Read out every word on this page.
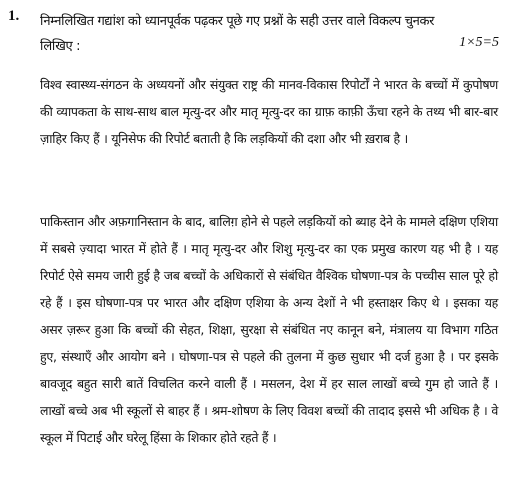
1. निम्नलिखित गद्यांश को ध्यानपूर्वक पढ़कर पूछे गए प्रश्नों के सही उत्तर वाले विकल्प चुनकर
लिखिए :	1×5=5
विश्व स्वास्थ्य-संगठन के अध्ययनों और संयुक्त राष्ट्र की मानव-विकास रिपोर्टों ने भारत के बच्चों में कुपोषण की व्यापकता के साथ-साथ बाल मृत्यु-दर और मातृ मृत्यु-दर का ग्राफ़ काफ़ी ऊँचा रहने के तथ्य भी बार-बार ज़ाहिर किए हैं । यूनिसेफ की रिपोर्ट बताती है कि लड़कियों की दशा और भी ख़राब है ।
पाकिस्तान और अफ़गानिस्तान के बाद, बालिग़ होने से पहले लड़कियों को ब्याह देने के मामले दक्षिण एशिया में सबसे ज़्यादा भारत में होते हैं । मातृ मृत्यु-दर और शिशु मृत्यु-दर का एक प्रमुख कारण यह भी है । यह रिपोर्ट ऐसे समय जारी हुई है जब बच्चों के अधिकारों से संबंधित वैश्विक घोषणा-पत्र के पच्चीस साल पूरे हो रहे हैं । इस घोषणा-पत्र पर भारत और दक्षिण एशिया के अन्य देशों ने भी हस्ताक्षर किए थे । इसका यह असर ज़रूर हुआ कि बच्चों की सेहत, शिक्षा, सुरक्षा से संबंधित नए कानून बने, मंत्रालय या विभाग गठित हुए, संस्थाएँ और आयोग बने । घोषणा-पत्र से पहले की तुलना में कुछ सुधार भी दर्ज हुआ है । पर इसके बावजूद बहुत सारी बातें विचलित करने वाली हैं । मसलन, देश में हर साल लाखों बच्चे गुम हो जाते हैं । लाखों बच्चे अब भी स्कूलों से बाहर हैं । श्रम-शोषण के लिए विवश बच्चों की तादाद इससे भी अधिक है । वे स्कूल में पिटाई और घरेलू हिंसा के शिकार होते रहते हैं ।
